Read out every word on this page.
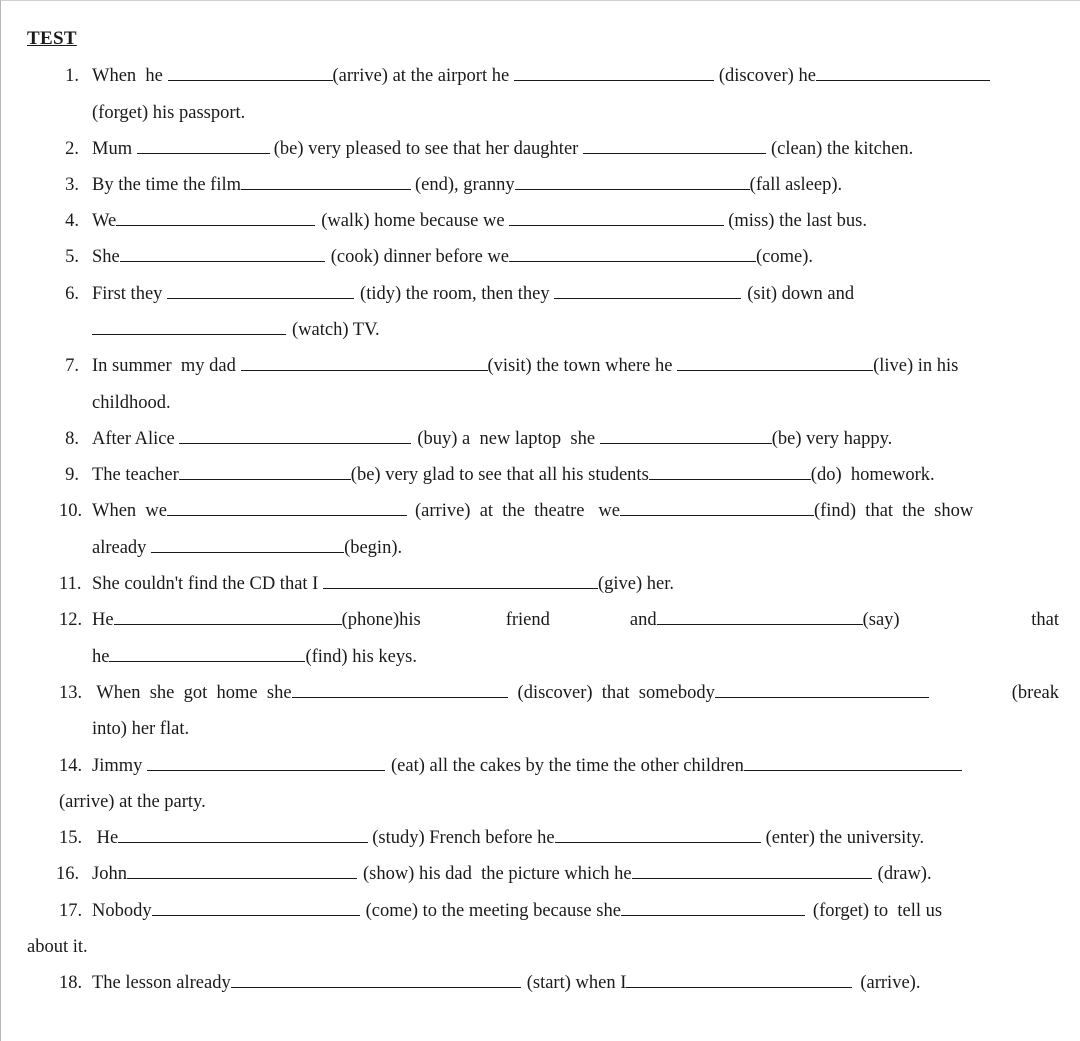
TEST
1. When  he	(arrive) at the airport he	(discover) he
(forget) his passport.
2. Mum	(be) very pleased to see that her daughter	(clean) the kitchen.
3. By the time the film	(end), granny	(fall asleep).
4. We	(walk) home because we	(miss) the last bus.
5. She	(cook) dinner before we	(come).
6. First they	(tidy) the room, then they	(sit) down and
(watch) TV.
7. In summer  my dad	(visit) the town where he	(live) in his
childhood.
8. After Alice	(buy) a  new laptop  she	(be) very happy.
9. The teacher	(be) very glad to see that all his students	(do)  homework.
10. When  we	(arrive)  at  the  theatre   we	(find)  that  the  show
already	(begin).
11. She couldn't find the CD that I	(give) her.
12. He	(phone)his	friend	and	(say)	that
he	(find) his keys.
13. When  she  got  home  she	(discover)  that  somebody	(break
into) her flat.
14. Jimmy	(eat) all the cakes by the time the other children
(arrive) at the party.
15. He	(study) French before he	(enter) the university.
16. John	(show) his dad  the picture which he	(draw).
17. Nobody	(come) to the meeting because she	(forget) to  tell us
about it.
18. The lesson already	(start) when I	(arrive).
